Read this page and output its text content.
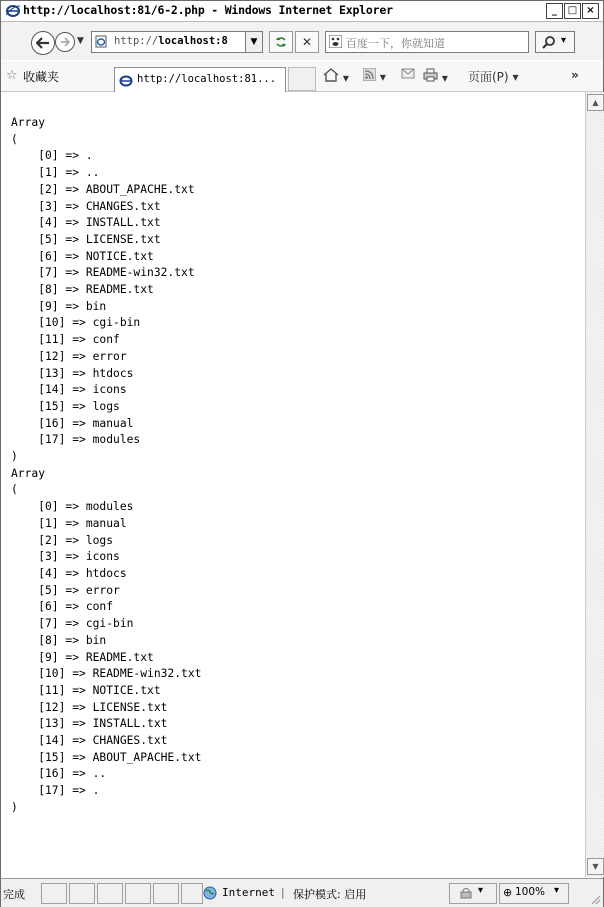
http://localhost:81/6-2.php - Windows Internet Explorer	_ □ ×
▼	http://localhost:8	▼	✕	百度一下，你就知道	▾
☆ 收藏夹	http://localhost:81...	▾	▾	▾ 页面(P) ▾	»
Array
(
[0] => .
[1] => ..
[2] => ABOUT_APACHE.txt
[3] => CHANGES.txt
[4] => INSTALL.txt
[5] => LICENSE.txt
[6] => NOTICE.txt
[7] => README-win32.txt
[8] => README.txt
[9] => bin
[10] => cgi-bin
[11] => conf
[12] => error
[13] => htdocs
[14] => icons
[15] => logs
[16] => manual
[17] => modules
)
Array
(
[0] => modules
[1] => manual
[2] => logs
[3] => icons
[4] => htdocs
[5] => error
[6] => conf
[7] => cgi-bin
[8] => bin
[9] => README.txt
[10] => README-win32.txt
[11] => NOTICE.txt
[12] => LICENSE.txt
[13] => INSTALL.txt
[14] => CHANGES.txt
[15] => ABOUT_APACHE.txt
[16] => ..
[17] => .
)

▲
▼
完成	Internet | 保护模式: 启用	▾ ⊕ 100% ▾
